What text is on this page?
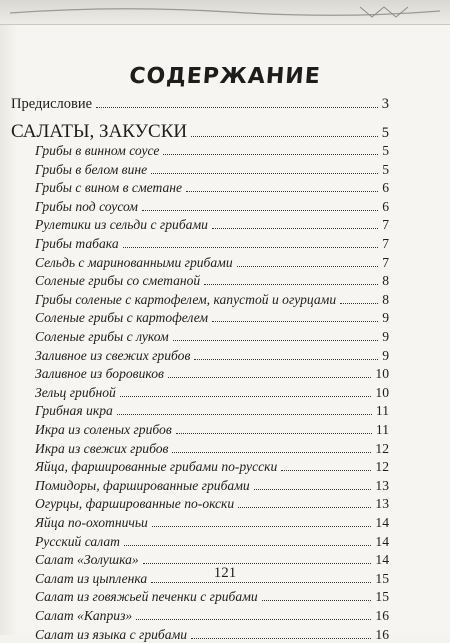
СОДЕРЖАНИЕ
Предисловие	3
САЛАТЫ, ЗАКУСКИ	5
Грибы в винном соусе	5
Грибы в белом вине	5
Грибы с вином в сметане	6
Грибы под соусом	6
Рулетики из сельди с грибами	7
Грибы табака	7
Сельдь с маринованными грибами	7
Соленые грибы со сметаной	8
Грибы соленые с картофелем, капустой и огурцами	8
Соленые грибы с картофелем	9
Соленые грибы с луком	9
Заливное из свежих грибов	9
Заливное из боровиков	10
Зельц грибной	10
Грибная икра	11
Икра из соленых грибов	11
Икра из свежих грибов	12
Яйца, фаршированные грибами по-русски	12
Помидоры, фаршированные грибами	13
Огурцы, фаршированные по-окски	13
Яйца по-охотничьи	14
Русский салат	14
Салат «Золушка»	14
Салат из цыпленка	15
Салат из говяжьей печенки с грибами	15
Салат «Каприз»	16
Салат из языка с грибами	16
121
